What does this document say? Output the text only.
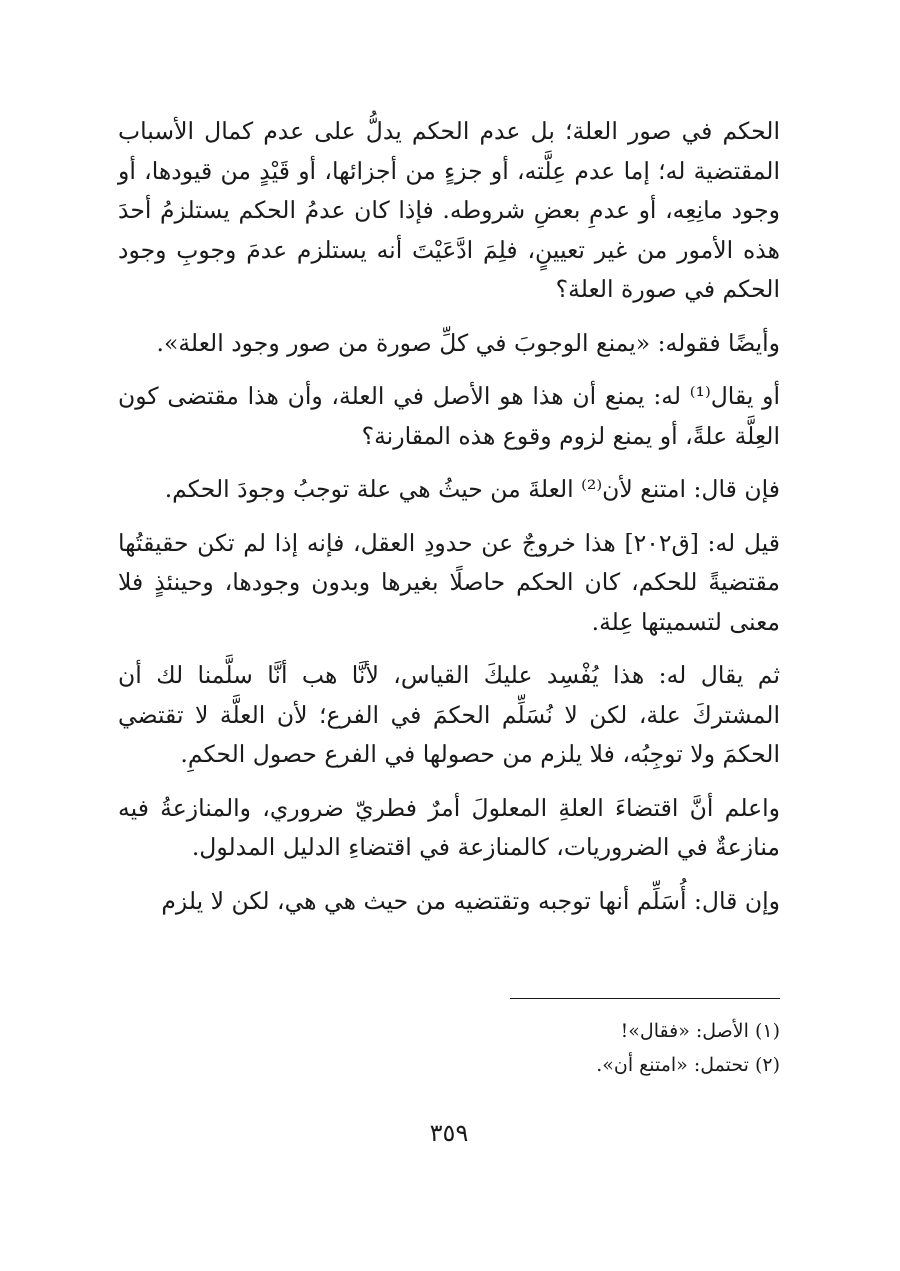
الحكم في صور العلة؛ بل عدم الحكم يدلُّ على عدم كمال الأسباب المقتضية له؛ إما عدم عِلَّته، أو جزءٍ من أجزائها، أو قَيْدٍ من قيودها، أو وجود مانِعِه، أو عدمِ بعضِ شروطه. فإذا كان عدمُ الحكم يستلزمُ أحدَ هذه الأمور من غير تعيينٍ، فلِمَ ادَّعَيْتَ أنه يستلزم عدمَ وجوبِ وجود الحكم في صورة العلة؟

وأيضًا فقوله: «يمنع الوجوبَ في كلِّ صورة من صور وجود العلة».

أو يقال⁽¹⁾ له: يمنع أن هذا هو الأصل في العلة، وأن هذا مقتضى كون العِلَّة علةً، أو يمنع لزوم وقوع هذه المقارنة؟

فإن قال: امتنع لأن⁽²⁾ العلةَ من حيثُ هي علة توجبُ وجودَ الحكم.

قيل له: [ق٢٠٢] هذا خروجٌ عن حدودِ العقل، فإنه إذا لم تكن حقيقتُها مقتضيةً للحكم، كان الحكم حاصلًا بغيرها وبدون وجودها، وحينئذٍ فلا معنى لتسميتها عِلة.

ثم يقال له: هذا يُفْسِد عليكَ القياس، لأنَّا هب أنَّا سلَّمنا لك أن المشتركَ علة، لكن لا نُسَلِّم الحكمَ في الفرع؛ لأن العلَّة لا تقتضي الحكمَ ولا توجِبُه، فلا يلزم من حصولها في الفرع حصول الحكمِ.

واعلم أنَّ اقتضاءَ العلةِ المعلولَ أمرٌ فطريّ ضروري، والمنازعةُ فيه منازعةٌ في الضروريات، كالمنازعة في اقتضاءِ الدليل المدلول.

وإن قال: أُسَلِّم أنها توجبه وتقتضيه من حيث هي هي، لكن لا يلزم

(١) الأصل: «فقال»!

(٢) تحتمل: «امتنع أن».

٣٥٩
